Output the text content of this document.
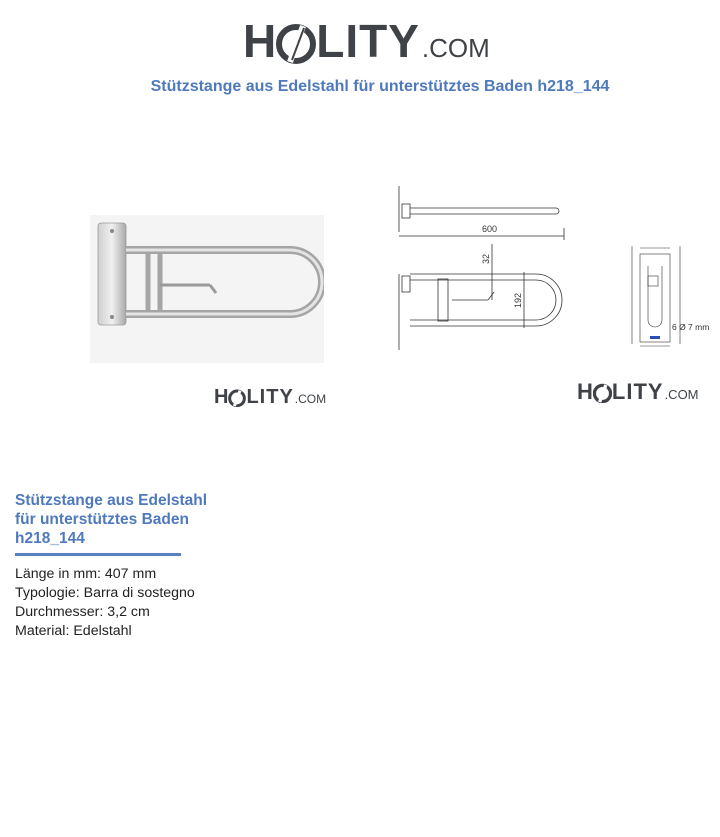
H LITY .COM
Stützstange aus Edelstahl für unterstütztes Baden h218_144
H LITY .COM
600
32
192
6 Ø 7 mm
H LITY .COM
Stützstange aus Edelstahl
für unterstütztes Baden
h218_144
Länge in mm: 407 mm
Typologie: Barra di sostegno
Durchmesser: 3,2 cm
Material: Edelstahl
